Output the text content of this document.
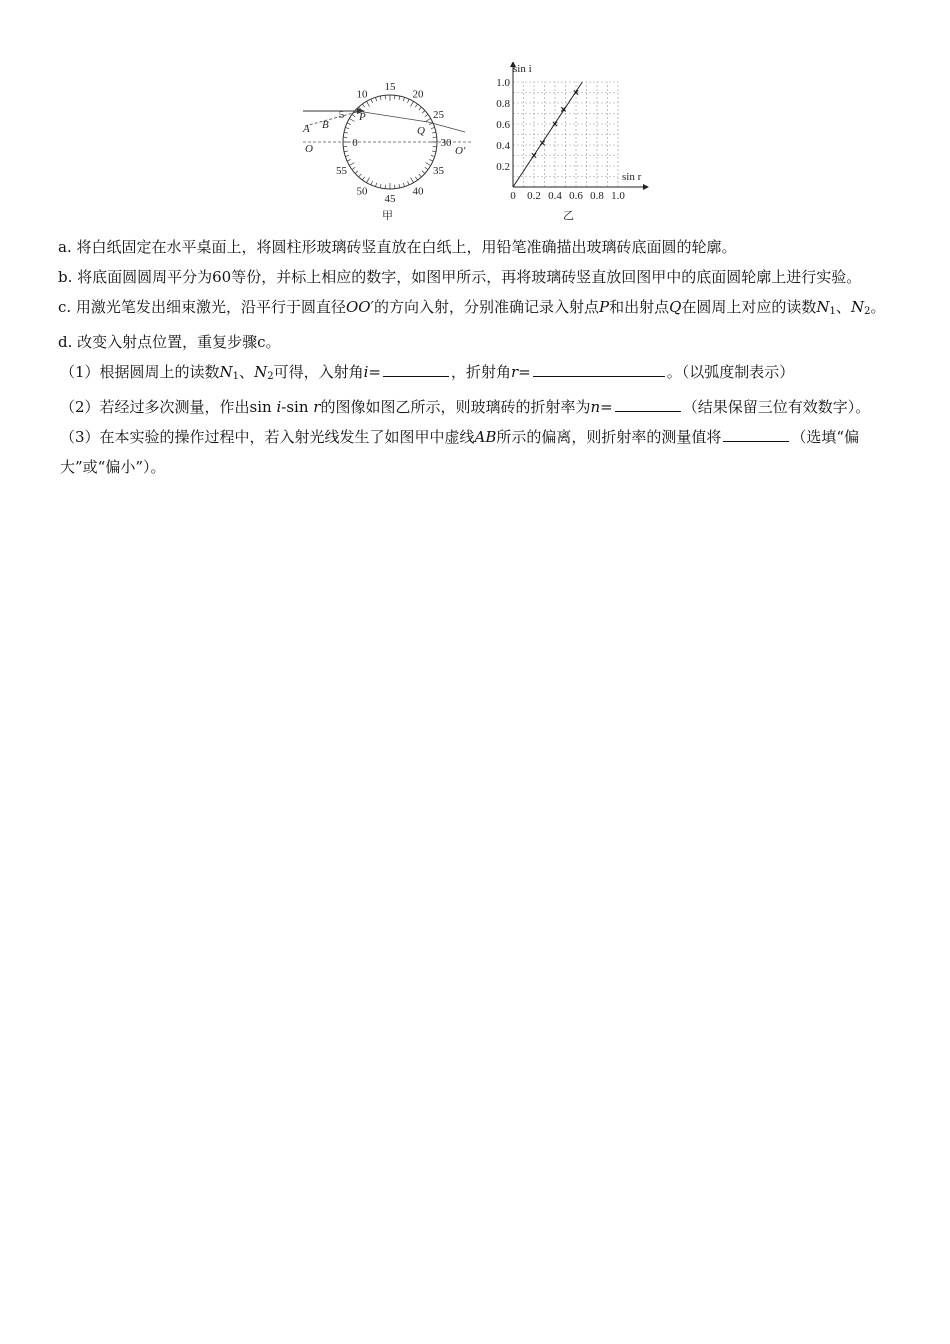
15
20
25
30
35
40
45
50
55
0
5
10
A B
P
Q
O	O′
甲
0 0.2 0.4 0.6 0.8 1.0
0.2
0.4
0.6
0.8
1.0
sin i
sin r
乙

a. 将白纸固定在水平桌面上，将圆柱形玻璃砖竖直放在白纸上，用铅笔准确描出玻璃砖底面圆的轮廓。

b. 将底面圆圆周平分为60等份，并标上相应的数字，如图甲所示，再将玻璃砖竖直放回图甲中的底面圆轮廓上进行实验。

c. 用激光笔发出细束激光，沿平行于圆直径OO′的方向入射，分别准确记录入射点P和出射点Q在圆周上对应的读数$N_1$、$N_2$。

d. 改变入射点位置，重复步骤c。

（1）根据圆周上的读数$N_1$、$N_2$可得，入射角i=	，折射角r=	。（以弧度制表示）

（2）若经过多次测量，作出sin i-sin r的图像如图乙所示，则玻璃砖的折射率为n=	（结果保留三位有效数字）。

（3）在本实验的操作过程中，若入射光线发生了如图甲中虚线AB所示的偏离，则折射率的测量值将	（选填“偏大”或“偏小”）。
